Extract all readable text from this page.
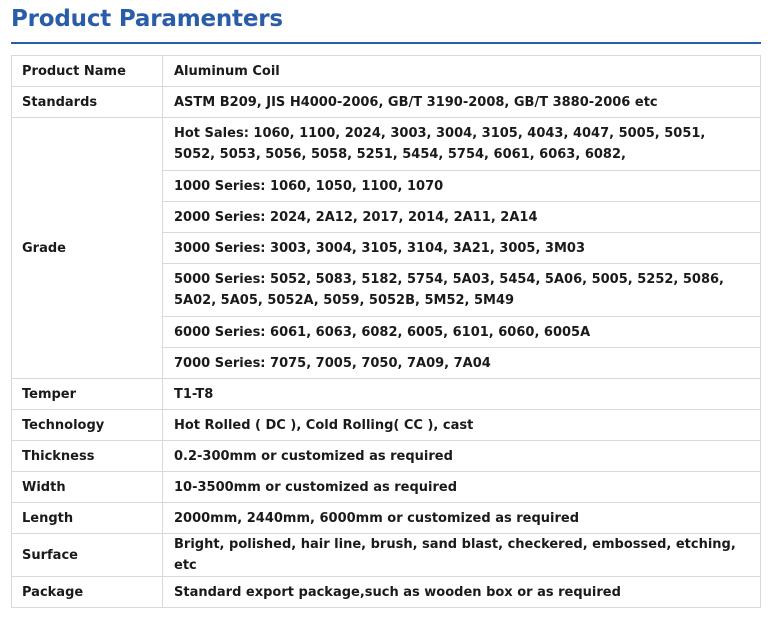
Product Paramenters
Product Name	Aluminum Coil
Standards	ASTM B209, JIS H4000-2006, GB/T 3190-2008, GB/T 3880-2006 etc
Grade	Hot Sales: 1060, 1100, 2024, 3003, 3004, 3105, 4043, 4047, 5005, 5051, 5052, 5053, 5056, 5058, 5251, 5454, 5754, 6061, 6063, 6082,
	1000 Series: 1060, 1050, 1100, 1070
	2000 Series: 2024, 2A12, 2017, 2014, 2A11, 2A14
	3000 Series: 3003, 3004, 3105, 3104, 3A21, 3005, 3M03
	5000 Series: 5052, 5083, 5182, 5754, 5A03, 5454, 5A06, 5005, 5252, 5086, 5A02, 5A05, 5052A, 5059, 5052B, 5M52, 5M49
	6000 Series: 6061, 6063, 6082, 6005, 6101, 6060, 6005A
	7000 Series: 7075, 7005, 7050, 7A09, 7A04
Temper	T1-T8
Technology	Hot Rolled ( DC ), Cold Rolling( CC ), cast
Thickness	0.2-300mm or customized as required
Width	10-3500mm or customized as required
Length	2000mm, 2440mm, 6000mm or customized as required
Surface	Bright, polished, hair line, brush, sand blast, checkered, embossed, etching, etc
Package	Standard export package,such as wooden box or as required
